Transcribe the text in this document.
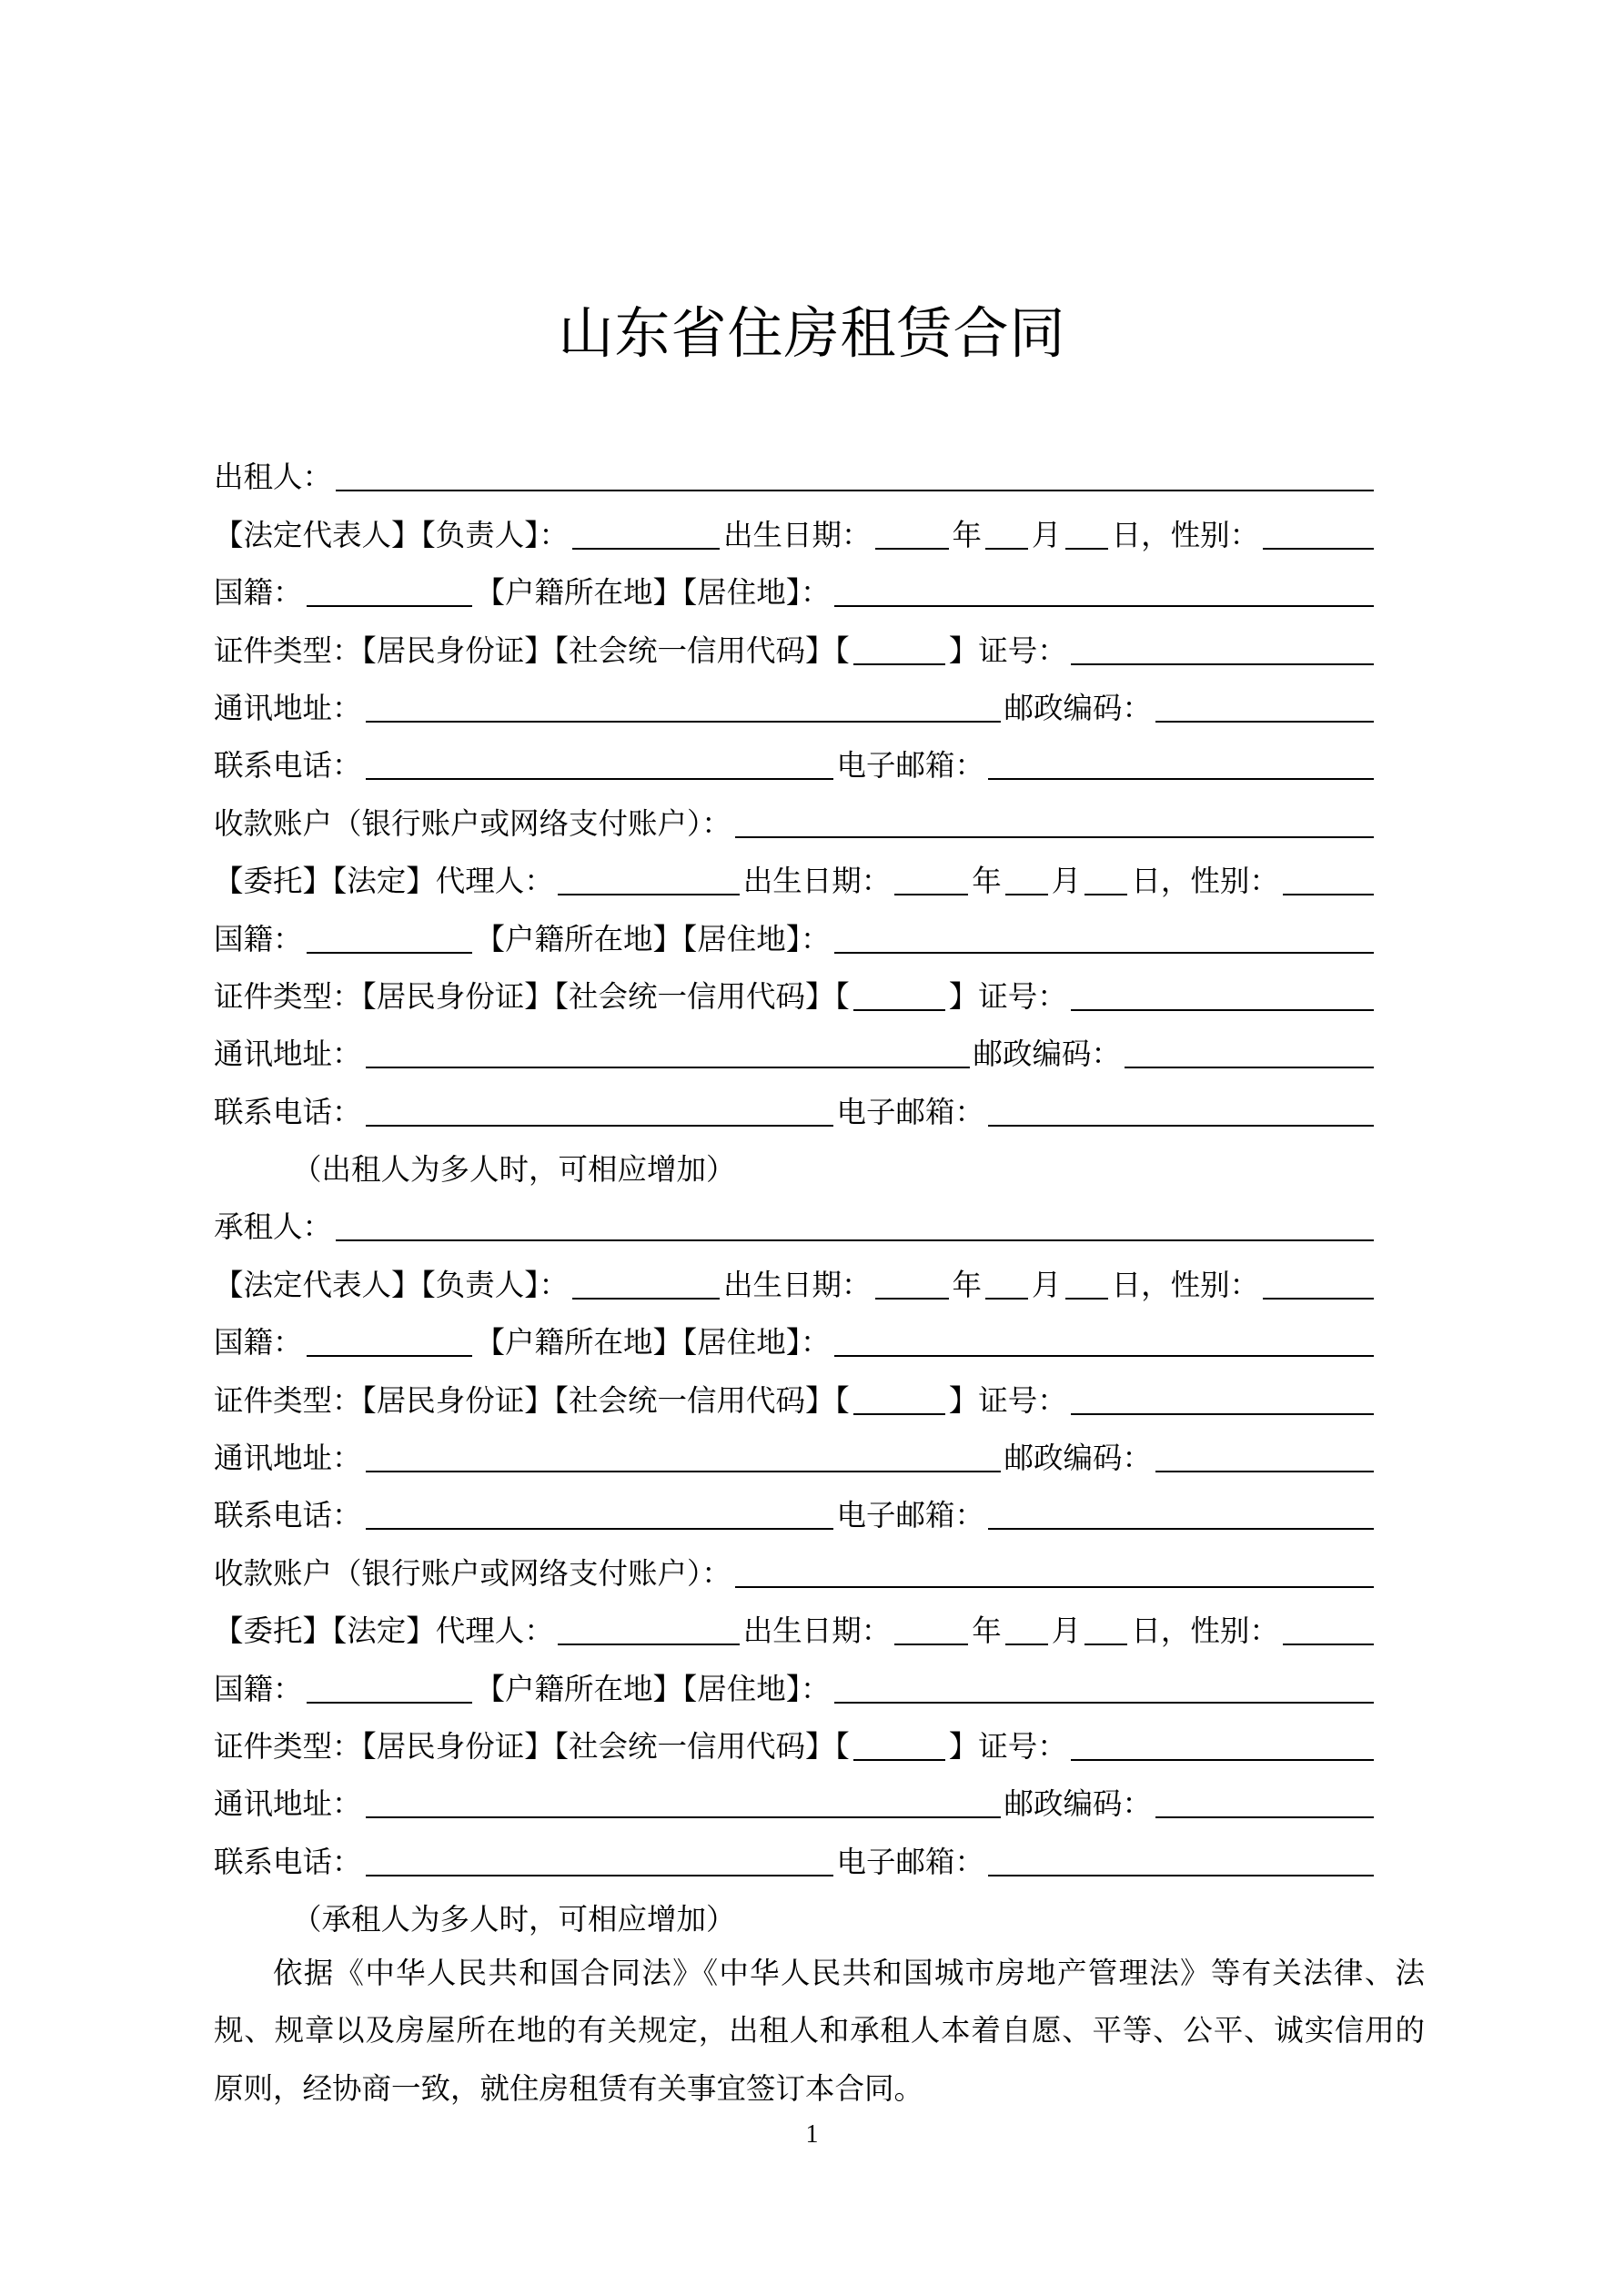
山东省住房租赁合同
出租人：
【法定代表人】【负责人】：	出生日期：	年 月 日，性别：
国籍：	【户籍所在地】【居住地】：
证件类型：【居民身份证】【社会统一信用代码】【	】证号：
通讯地址：	邮政编码：
联系电话：	电子邮箱：
收款账户（银行账户或网络支付账户）：
【委托】【法定】代理人：	出生日期：	年 月 日，性别：
国籍：	【户籍所在地】【居住地】：
证件类型：【居民身份证】【社会统一信用代码】【	】证号：
通讯地址：	邮政编码：
联系电话：	电子邮箱：
（出租人为多人时，可相应增加）
承租人：
【法定代表人】【负责人】：	出生日期：	年 月 日，性别：
国籍：	【户籍所在地】【居住地】：
证件类型：【居民身份证】【社会统一信用代码】【	】证号：
通讯地址：	邮政编码：
联系电话：	电子邮箱：
收款账户（银行账户或网络支付账户）：
【委托】【法定】代理人：	出生日期：	年 月 日，性别：
国籍：	【户籍所在地】【居住地】：
证件类型：【居民身份证】【社会统一信用代码】【	】证号：
通讯地址：	邮政编码：
联系电话：	电子邮箱：
（承租人为多人时，可相应增加）
依据《中华人民共和国合同法》《中华人民共和国城市房地产管理法》等有关法律、法规、规章以及房屋所在地的有关规定，出租人和承租人本着自愿、平等、公平、诚实信用的原则，经协商一致，就住房租赁有关事宜签订本合同。
1
